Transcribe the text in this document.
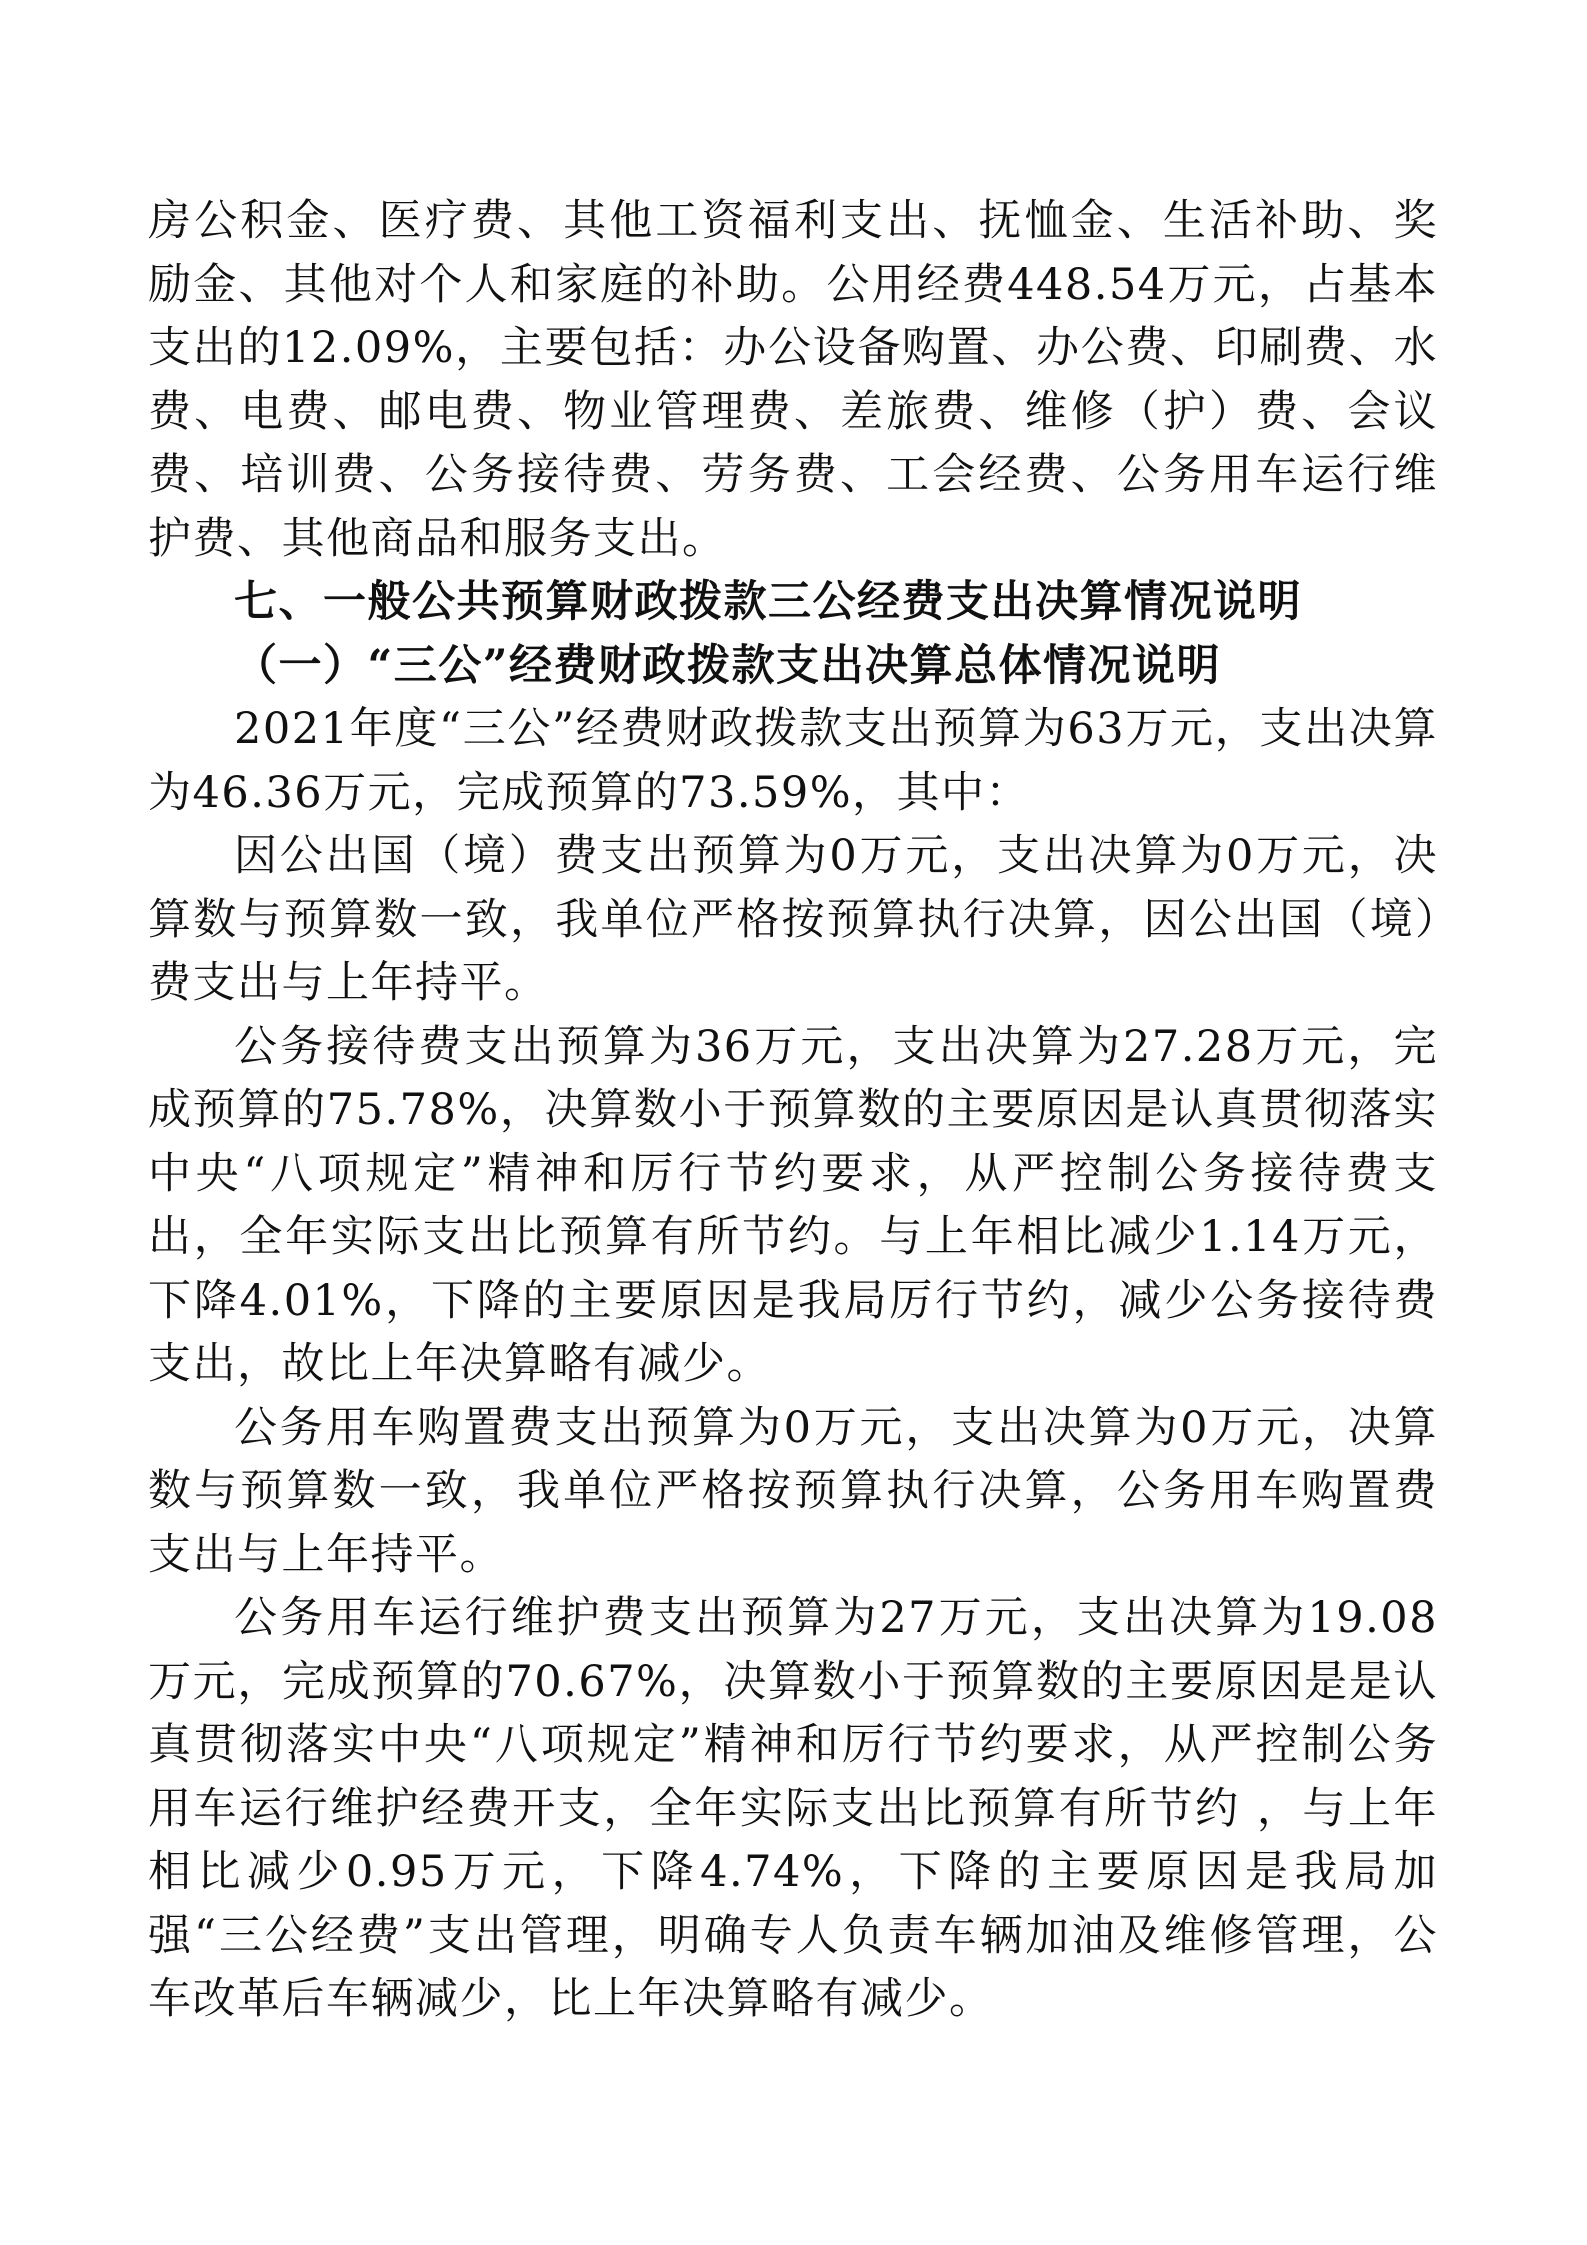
房公积金、医疗费、其他工资福利支出、抚恤金、生活补助、奖励金、其他对个人和家庭的补助。公用经费448.54万元，占基本支出的12.09%，主要包括：办公设备购置、办公费、印刷费、水费、电费、邮电费、物业管理费、差旅费、维修（护）费、会议费、培训费、公务接待费、劳务费、工会经费、公务用车运行维护费、其他商品和服务支出。

七、一般公共预算财政拨款三公经费支出决算情况说明

（一）“三公”经费财政拨款支出决算总体情况说明

2021年度“三公”经费财政拨款支出预算为63万元，支出决算为46.36万元，完成预算的73.59%，其中：

因公出国（境）费支出预算为0万元，支出决算为0万元，决算数与预算数一致，我单位严格按预算执行决算，因公出国（境）费支出与上年持平。

公务接待费支出预算为36万元，支出决算为27.28万元，完成预算的75.78%，决算数小于预算数的主要原因是认真贯彻落实中央“八项规定”精神和厉行节约要求，从严控制公务接待费支出，全年实际支出比预算有所节约。与上年相比减少1.14万元，下降4.01%，下降的主要原因是我局厉行节约，减少公务接待费支出，故比上年决算略有减少。

公务用车购置费支出预算为0万元，支出决算为0万元，决算数与预算数一致，我单位严格按预算执行决算，公务用车购置费支出与上年持平。

公务用车运行维护费支出预算为27万元，支出决算为19.08万元，完成预算的70.67%，决算数小于预算数的主要原因是是认真贯彻落实中央“八项规定”精神和厉行节约要求，从严控制公务用车运行维护经费开支，全年实际支出比预算有所节约 ，与上年相比减少0.95万元，下降4.74%，下降的主要原因是我局加强“三公经费”支出管理，明确专人负责车辆加油及维修管理，公车改革后车辆减少，比上年决算略有减少。
